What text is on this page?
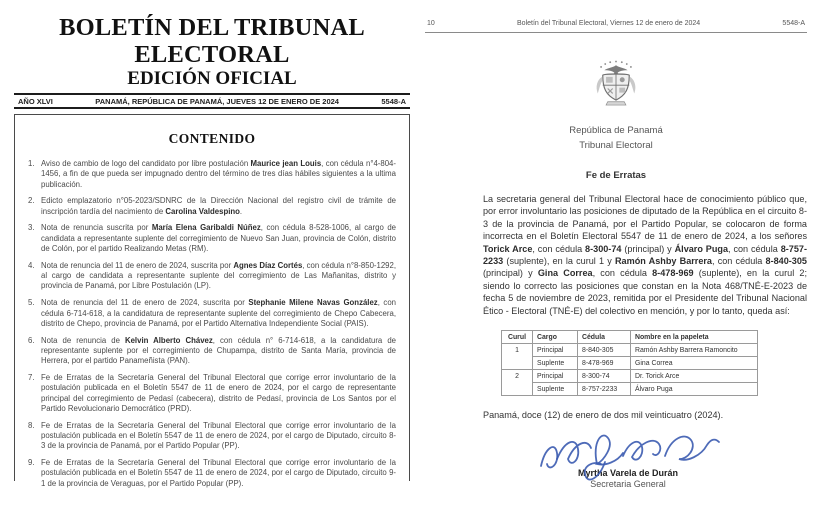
BOLETÍN DEL TRIBUNAL ELECTORAL
EDICIÓN OFICIAL
AÑO XLVI	PANAMÁ, REPÚBLICA DE PANAMÁ, JUEVES 12 DE ENERO DE 2024	5548-A
CONTENIDO
1. Aviso de cambio de logo del candidato por libre postulación Maurice jean Louis, con cédula n°4-804-1456, a fin de que pueda ser impugnado dentro del término de tres días hábiles siguientes a la ultima publicación.
2. Edicto emplazatorio n°05-2023/SDNRC de la Dirección Nacional del registro civil de trámite de inscripción tardía del nacimiento de Carolina Valdespino.
3. Nota de renuncia suscrita por María Elena Garibaldi Núñez, con cédula 8-528-1006, al cargo de candidata a representante suplente del corregimiento de Nuevo San Juan, provincia de Colón, distrito de Colón, por el partido Realizando Metas (RM).
4. Nota de renuncia del 11 de enero de 2024, suscrita por Agnes Díaz Cortés, con cédula n°8-850-1292, al cargo de candidata a representante suplente del corregimiento de Las Mañanitas, distrito y provincia de Panamá, por Libre Postulación (LP).
5. Nota de renuncia del 11 de enero de 2024, suscrita por Stephanie Milene Navas González, con cédula 6-714-618, a la candidatura de representante suplente del corregimiento de Chepo Cabecera, distrito de Chepo, provincia de Panamá, por el Partido Alternativa Independiente Social (PAIS).
6. Nota de renuncia de Kelvin Alberto Chávez, con cédula n° 6-714-618, a la candidatura de representante suplente por el corregimiento de Chupampa, distrito de Santa María, provincia de Herrera, por el partido Panameñista (PAN).
7. Fe de Erratas de la Secretaría General del Tribunal Electoral que corrige error involuntario de la postulación publicada en el Boletín 5547 de 11 de enero de 2024, por el cargo de representante principal del corregimiento de Pedasí (cabecera), distrito de Pedasí, provincia de Los Santos por el Partido Revolucionario Democrático (PRD).
8. Fe de Erratas de la Secretaría General del Tribunal Electoral que corrige error involuntario de la postulación publicada en el Boletín 5547 de 11 de enero de 2024, por el cargo de Diputado, circuito 8-3 de la provincia de Panamá, por el Partido Popular (PP).
9. Fe de Erratas de la Secretaría General del Tribunal Electoral que corrige error involuntario de la postulación publicada en el Boletín 5547 de 11 de enero de 2024, por el cargo de Diputado, circuito 9-1 de la provincia de Veraguas, por el Partido Popular (PP).
10	Boletín del Tribunal Electoral, Viernes 12 de enero de 2024	5548-A
República de Panamá
Tribunal Electoral
Fe de Erratas

La secretaria general del Tribunal Electoral hace de conocimiento público que, por error involuntario las posiciones de diputado de la República en el circuito 8-3 de la provincia de Panamá, por el Partido Popular, se colocaron de forma incorrecta en el Boletín Electoral 5547 de 11 de enero de 2024, a los señores Torick Arce, con cédula 8-300-74 (principal) y Álvaro Puga, con cédula 8-757-2233 (suplente), en la curul 1 y Ramón Ashby Barrera, con cédula 8-840-305 (principal) y Gina Correa, con cédula 8-478-969 (suplente), en la curul 2; siendo lo correcto las posiciones que constan en la Nota 468/TNÉ-E-2023 de fecha 5 de noviembre de 2023, remitida por el Presidente del Tribunal Nacional Ético - Electoral (TNÉ-E) del colectivo en mención, y por lo tanto, queda así:

Curul	Cargo	Cédula	Nombre en la papeleta
1	Principal	8-840-305	Ramón Ashby Barrera Ramoncito
	Suplente	8-478-969	Gina Correa
2	Principal	8-300-74	Dr. Torick Arce
	Suplente	8-757-2233	Álvaro Puga

Panamá, doce (12) de enero de dos mil veinticuatro (2024).

Myrtha Varela de Durán
Secretaria General
